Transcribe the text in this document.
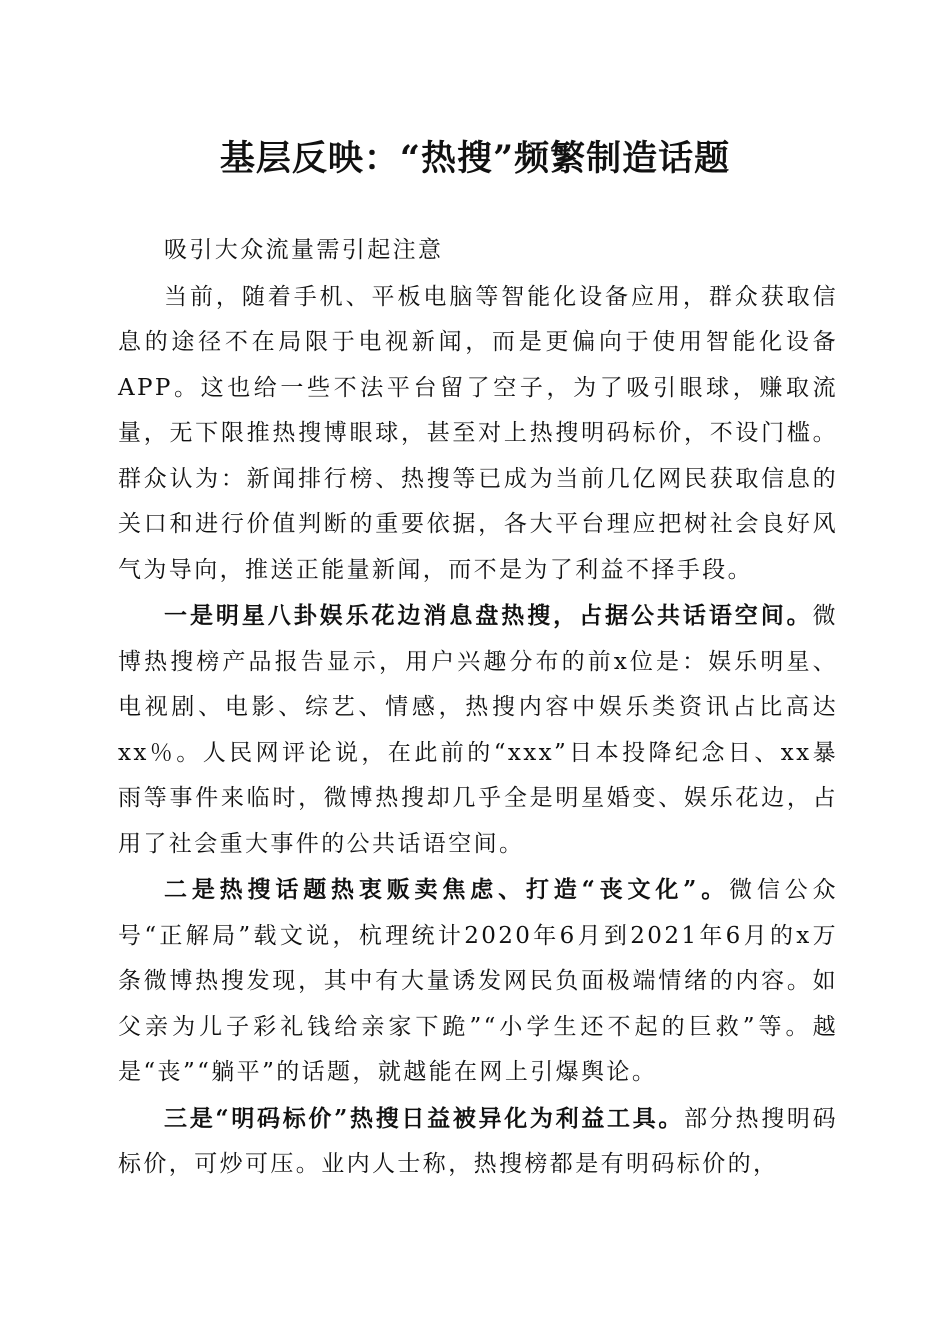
基层反映：“热搜”频繁制造话题

吸引大众流量需引起注意

当前，随着手机、平板电脑等智能化设备应用，群众获取信息的途径不在局限于电视新闻，而是更偏向于使用智能化设备APP。这也给一些不法平台留了空子，为了吸引眼球，赚取流量，无下限推热搜博眼球，甚至对上热搜明码标价，不设门槛。群众认为：新闻排行榜、热搜等已成为当前几亿网民获取信息的关口和进行价值判断的重要依据，各大平台理应把树社会良好风气为导向，推送正能量新闻，而不是为了利益不择手段。

一是明星八卦娱乐花边消息盘热搜，占据公共话语空间。微博热搜榜产品报告显示，用户兴趣分布的前x位是：娱乐明星、电视剧、电影、综艺、情感，热搜内容中娱乐类资讯占比高达xx％。人民网评论说，在此前的“xxx”日本投降纪念日、xx暴雨等事件来临时，微博热搜却几乎全是明星婚变、娱乐花边，占用了社会重大事件的公共话语空间。

二是热搜话题热衷贩卖焦虑、打造“丧文化”。微信公众号“正解局”载文说，杭理统计2020年6月到2021年6月的x万条微博热搜发现，其中有大量诱发网民负面极端情绪的内容。如父亲为儿子彩礼钱给亲家下跪”“小学生还不起的巨救”等。越是“丧”“躺平”的话题，就越能在网上引爆舆论。

三是“明码标价”热搜日益被异化为利益工具。部分热搜明码标价，可炒可压。业内人士称，热搜榜都是有明码标价的，
